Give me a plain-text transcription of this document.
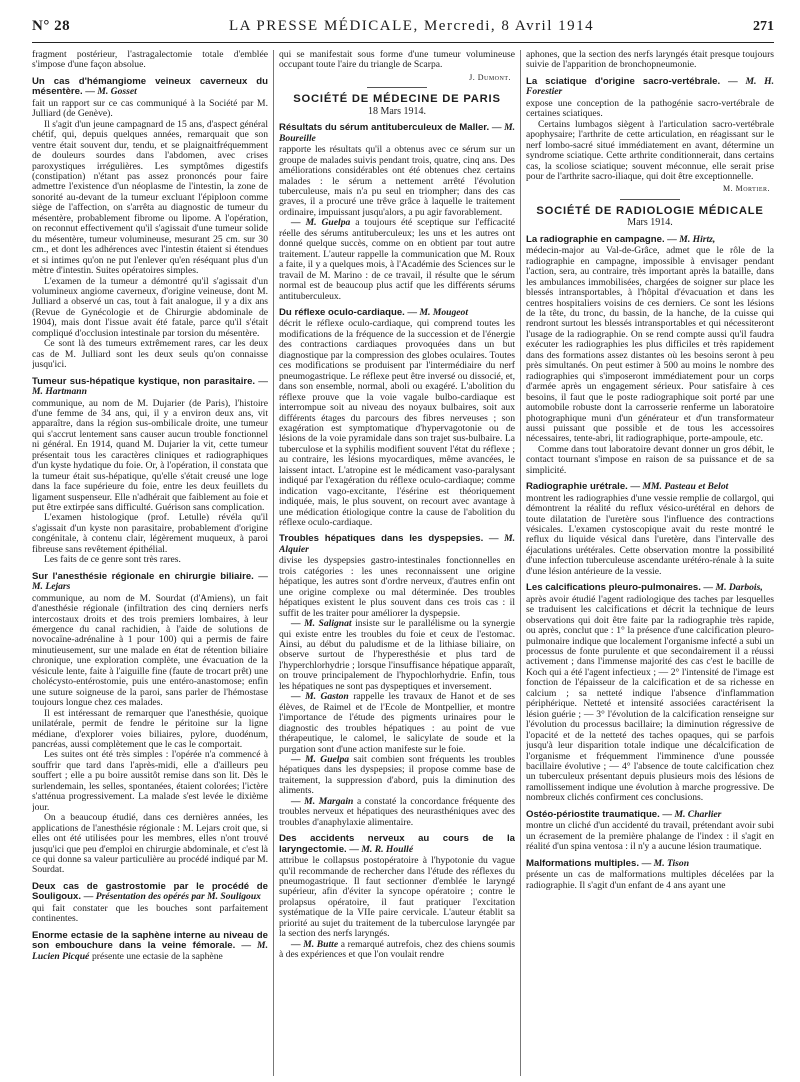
N° 28	LA PRESSE MÉDICALE, Mercredi, 8 Avril 1914	271

fragment postérieur, l'astragalectomie totale d'emblée s'impose d'une façon absolue.

Un cas d'hémangiome veineux caverneux du mésentère. — M. Gosset

fait un rapport sur ce cas communiqué à la Société par M. Julliard (de Genève).

Il s'agit d'un jeune campagnard de 15 ans, d'aspect général chétif, qui, depuis quelques années, remarquait que son ventre était souvent dur, tendu, et se plaignaitfréquemment de douleurs sourdes dans l'abdomen, avec crises paroxystiques irrégulières. Les symptômes digestifs (constipation) n'étant pas assez prononcés pour faire admettre l'existence d'un néoplasme de l'intestin, la zone de sonorité au-devant de la tumeur excluant l'épiploon comme siège de l'affection, on s'arrêta au diagnostic de tumeur du mésentère, probablement fibrome ou lipome. A l'opération, on reconnut effectivement qu'il s'agissait d'une tumeur solide du mésentère, tumeur volumineuse, mesurant 25 cm. sur 30 cm., et dont les adhérences avec l'intestin étaient si étendues et si intimes qu'on ne put l'enlever qu'en réséquant plus d'un mètre d'intestin. Suites opératoires simples.

L'examen de la tumeur a démontré qu'il s'agissait d'un volumineux angiome caverneux, d'origine veineuse, dont M. Julliard a observé un cas, tout à fait analogue, il y a dix ans (Revue de Gynécologie et de Chirurgie abdominale de 1904), mais dont l'issue avait été fatale, parce qu'il s'était compliqué d'occlusion intestinale par torsion du mésentère.

Ce sont là des tumeurs extrêmement rares, car les deux cas de M. Julliard sont les deux seuls qu'on connaisse jusqu'ici.

Tumeur sus-hépatique kystique, non parasitaire. — M. Hartmann

communique, au nom de M. Dujarier (de Paris), l'histoire d'une femme de 34 ans, qui, il y a environ deux ans, vit apparaître, dans la région sus-ombilicale droite, une tumeur qui s'accrut lentement sans causer aucun trouble fonctionnel ni général. En 1914, quand M. Dujarier la vit, cette tumeur présentait tous les caractères cliniques et radiographiques d'un kyste hydatique du foie. Or, à l'opération, il constata que la tumeur était sus-hépatique, qu'elle s'était creusé une loge dans la face supérieure du foie, entre les deux feuillets du ligament suspenseur. Elle n'adhérait que faiblement au foie et put être extirpée sans difficulté. Guérison sans complication.

L'examen histologique (prof. Letulle) révéla qu'il s'agissait d'un kyste non parasitaire, probablement d'origine congénitale, à contenu clair, légèrement muqueux, à paroi fibreuse sans revêtement épithélial.

Les faits de ce genre sont très rares.

Sur l'anesthésie régionale en chirurgie biliaire. — M. Lejars

communique, au nom de M. Sourdat (d'Amiens), un fait d'anesthésie régionale (infiltration des cinq derniers nerfs intercostaux droits et des trois premiers lombaires, à leur émergence du canal rachidien, à l'aide de solutions de novocaïne-adrénaline à 1 pour 100) qui a permis de faire minutieusement, sur une malade en état de rétention biliaire chronique, une exploration complète, une évacuation de la vésicule lente, faite à l'aiguille fine (faute de trocart prêt) une cholécysto-entérostomie, puis une entéro-anastomose; enfin une suture soigneuse de la paroi, sans parler de l'hémostase toujours longue chez ces malades.

Il est intéressant de remarquer que l'anesthésie, quoique unilatérale, permit de fendre le péritoine sur la ligne médiane, d'explorer voies biliaires, pylore, duodénum, pancréas, aussi complètement que le cas le comportait.

Les suites ont été très simples : l'opérée n'a commencé à souffrir que tard dans l'après-midi, elle a d'ailleurs peu souffert ; elle a pu boire aussitôt remise dans son lit. Dès le surlendemain, les selles, spontanées, étaient colorées; l'ictère s'atténua progressivement. La malade s'est levée le dixième jour.

On a beaucoup étudié, dans ces dernières années, les applications de l'anesthésie régionale : M. Lejars croit que, si elles ont été utilisées pour les membres, elles n'ont trouvé jusqu'ici que peu d'emploi en chirurgie abdominale, et c'est là ce qui donne sa valeur particulière au procédé indiqué par M. Sourdat.

Deux cas de gastrostomie par le procédé de Souligoux. — Présentation des opérés par M. Souligoux

qui fait constater que les bouches sont parfaitement continentes.

Enorme ectasie de la saphène interne au niveau de son embouchure dans la veine fémorale. — M. Lucien Picqué présente une ectasie de la saphène

qui se manifestait sous forme d'une tumeur volumineuse occupant toute l'aire du triangle de Scarpa.

J. Dumont.
SOCIÉTÉ DE MÉDECINE DE PARIS
18 Mars 1914.
Résultats du sérum antituberculeux de Maller. — M. Boureille

rapporte les résultats qu'il a obtenus avec ce sérum sur un groupe de malades suivis pendant trois, quatre, cinq ans. Des améliorations considérables ont été obtenues chez certains malades : le sérum a nettement arrêté l'évolution tuberculeuse, mais n'a pu seul en triompher; dans des cas graves, il a procuré une trêve grâce à laquelle le traitement ordinaire, impuissant jusqu'alors, a pu agir favorablement.

— M. Guelpa a toujours été sceptique sur l'efficacité réelle des sérums antituberculeux; les uns et les autres ont donné quelque succès, comme on en obtient par tout autre traitement. L'auteur rappelle la communication que M. Roux a faite, il y a quelques mois, à l'Académie des Sciences sur le travail de M. Marino : de ce travail, il résulte que le sérum normal est de beaucoup plus actif que les différents sérums antituberculeux.

Du réflexe oculo-cardiaque. — M. Mougeot

décrit le réflexe oculo-cardiaque, qui comprend toutes les modifications de la fréquence de la succession et de l'énergie des contractions cardiaques provoquées dans un but diagnostique par la compression des globes oculaires. Toutes ces modifications se produisent par l'intermédiaire du nerf pneumogastrique. Le réflexe peut être inversé ou dissocié, et, dans son ensemble, normal, aboli ou exagéré. L'abolition du réflexe prouve que la voie vagale bulbo-cardiaque est interrompue soit au niveau des noyaux bulbaires, soit aux différents étages du parcours des fibres nerveuses ; son exagération est symptomatique d'hypervagotonie ou de lésions de la voie pyramidale dans son trajet sus-bulbaire. La tuberculose et la syphilis modifient souvent l'état du réflexe ; au contraire, les lésions myocardiques, même avancées, le laissent intact. L'atropine est le médicament vaso-paralysant indiqué par l'exagération du réflexe oculo-cardiaque; comme indication vago-excitante, l'ésérine est théoriquement indiquée, mais, le plus souvent, on recourt avec avantage à une médication étiologique contre la cause de l'abolition du réflexe oculo-cardiaque.

Troubles hépatiques dans les dyspepsies. — M. Alquier

divise les dyspepsies gastro-intestinales fonctionnelles en trois catégories : les unes reconnaissent une origine hépatique, les autres sont d'ordre nerveux, d'autres enfin ont une origine complexe ou mal déterminée. Des troubles hépatiques existent le plus souvent dans ces trois cas : il suffit de les traiter pour améliorer la dyspepsie.

— M. Salignat insiste sur le parallélisme ou la synergie qui existe entre les troubles du foie et ceux de l'estomac. Ainsi, au début du paludisme et de la lithiase biliaire, on observe surtout de l'hyperesthésie et plus tard de l'hyperchlorhydrie ; lorsque l'insuffisance hépatique apparaît, on trouve principalement de l'hypochlorhydrie. Enfin, tous les hépatiques ne sont pas dyspeptiques et inversement.

— M. Gaston rappelle les travaux de Hanot et de ses élèves, de Raimel et de l'Ecole de Montpellier, et montre l'importance de l'étude des pigments urinaires pour le diagnostic des troubles hépatiques : au point de vue thérapeutique, le calomel, le salicylate de soude et la purgation sont d'une action manifeste sur le foie.

— M. Guelpa sait combien sont fréquents les troubles hépatiques dans les dyspepsies; il propose comme base de traitement, la suppression d'abord, puis la diminution des aliments.

— M. Margain a constaté la concordance fréquente des troubles nerveux et hépatiques des neurasthéniques avec des troubles d'anaphylaxie alimentaire.

Des accidents nerveux au cours de la laryngectomie. — M. R. Houllé

attribue le collapsus postopératoire à l'hypotonie du vague qu'il recommande de rechercher dans l'étude des réflexes du pneumogastrique. Il faut sectionner d'emblée le laryngé supérieur, afin d'éviter la syncope opératoire ; contre le prolapsus opératoire, il faut pratiquer l'excitation systématique de la VIIe paire cervicale. L'auteur établit sa priorité au sujet du traitement de la tuberculose laryngée par la section des nerfs laryngés.

— M. Butte a remarqué autrefois, chez des chiens soumis à des expériences et que l'on voulait rendre

aphones, que la section des nerfs laryngés était presque toujours suivie de l'apparition de bronchopneumonie.

La sciatique d'origine sacro-vertébrale. — M. H. Forestier

expose une conception de la pathogénie sacro-vertébrale de certaines sciatiques.

Certains lumbagos siègent à l'articulation sacro-vertébrale apophysaire; l'arthrite de cette articulation, en réagissant sur le nerf lombo-sacré situé immédiatement en avant, détermine un syndrome sciatique. Cette arthrite conditionnerait, dans certains cas, la scoliose sciatique; souvent méconnue, elle serait prise pour de l'arthrite sacro-iliaque, qui doit être exceptionnelle.

M. Mortier.
SOCIÉTÉ DE RADIOLOGIE MÉDICALE
Mars 1914.
La radiographie en campagne. — M. Hirtz,

médecin-major au Val-de-Grâce, admet que le rôle de la radiographie en campagne, impossible à envisager pendant l'action, sera, au contraire, très important après la bataille, dans les ambulances immobilisées, chargées de soigner sur place les blessés intransportables, à l'hôpital d'évacuation et dans les centres hospitaliers voisins de ces derniers. Ce sont les lésions de la tête, du tronc, du bassin, de la hanche, de la cuisse qui rendront surtout les blessés intransportables et qui nécessiteront l'usage de la radiographie. On se rend compte aussi qu'il faudra exécuter les radiographies les plus difficiles et très rapidement dans des formations assez distantes où les besoins seront à peu près simultanés. On peut estimer à 500 au moins le nombre des radiographies qui s'imposeront immédiatement pour un corps d'armée après un engagement sérieux. Pour satisfaire à ces besoins, il faut que le poste radiographique soit porté par une automobile robuste dont la carrosserie renferme un laboratoire photographique muni d'un générateur et d'un transformateur aussi puissant que possible et de tous les accessoires nécessaires, tente-abri, lit radiographique, porte-ampoule, etc.

Comme dans tout laboratoire devant donner un gros débit, le contact tournant s'impose en raison de sa puissance et de sa simplicité.

Radiographie urétrale. — MM. Pasteau et Belot

montrent les radiographies d'une vessie remplie de collargol, qui démontrent la réalité du reflux vésico-urétéral en dehors de toute dilatation de l'uretère sous l'influence des contractions vésicales. L'examen cystoscopique avait du reste montré le reflux du liquide vésical dans l'uretère, dans l'intervalle des éjaculations urétérales. Cette observation montre la possibilité d'une infection tuberculeuse ascendante urétéro-rénale à la suite d'une lésion antérieure de la vessie.

Les calcifications pleuro-pulmonaires. — M. Darbois,

après avoir étudié l'agent radiologique des taches par lesquelles se traduisent les calcifications et décrit la technique de leurs observations qui doit être faite par la radiographie très rapide, ou après, conclut que : 1° la présence d'une calcification pleuro-pulmonaire indique que localement l'organisme infecté a subi un processus de fonte purulente et que secondairement il a réussi activement ; dans l'immense majorité des cas c'est le bacille de Koch qui a été l'agent infectieux ; — 2° l'intensité de l'image est fonction de l'épaisseur de la calcification et de sa richesse en calcium ; sa netteté indique l'absence d'inflammation périphérique. Netteté et intensité associées caractérisent la lésion guérie ; — 3° l'évolution de la calcification renseigne sur l'évolution du processus bacillaire; la diminution régressive de l'opacité et de la netteté des taches opaques, qui se parfois jusqu'à leur disparition totale indique une décalcification de l'organisme et fréquemment l'imminence d'une poussée bacillaire évolutive ; — 4° l'absence de toute calcification chez un tuberculeux présentant depuis plusieurs mois des lésions de ramollissement indique une évolution à marche progressive. De nombreux clichés confirment ces conclusions.

Ostéo-périostite traumatique. — M. Charlier

montre un cliché d'un accidenté du travail, prétendant avoir subi un écrasement de la première phalange de l'index : il s'agit en réalité d'un spina ventosa : il n'y a aucune lésion traumatique.

Malformations multiples. — M. Tison

présente un cas de malformations multiples décelées par la radiographie. Il s'agit d'un enfant de 4 ans ayant une
